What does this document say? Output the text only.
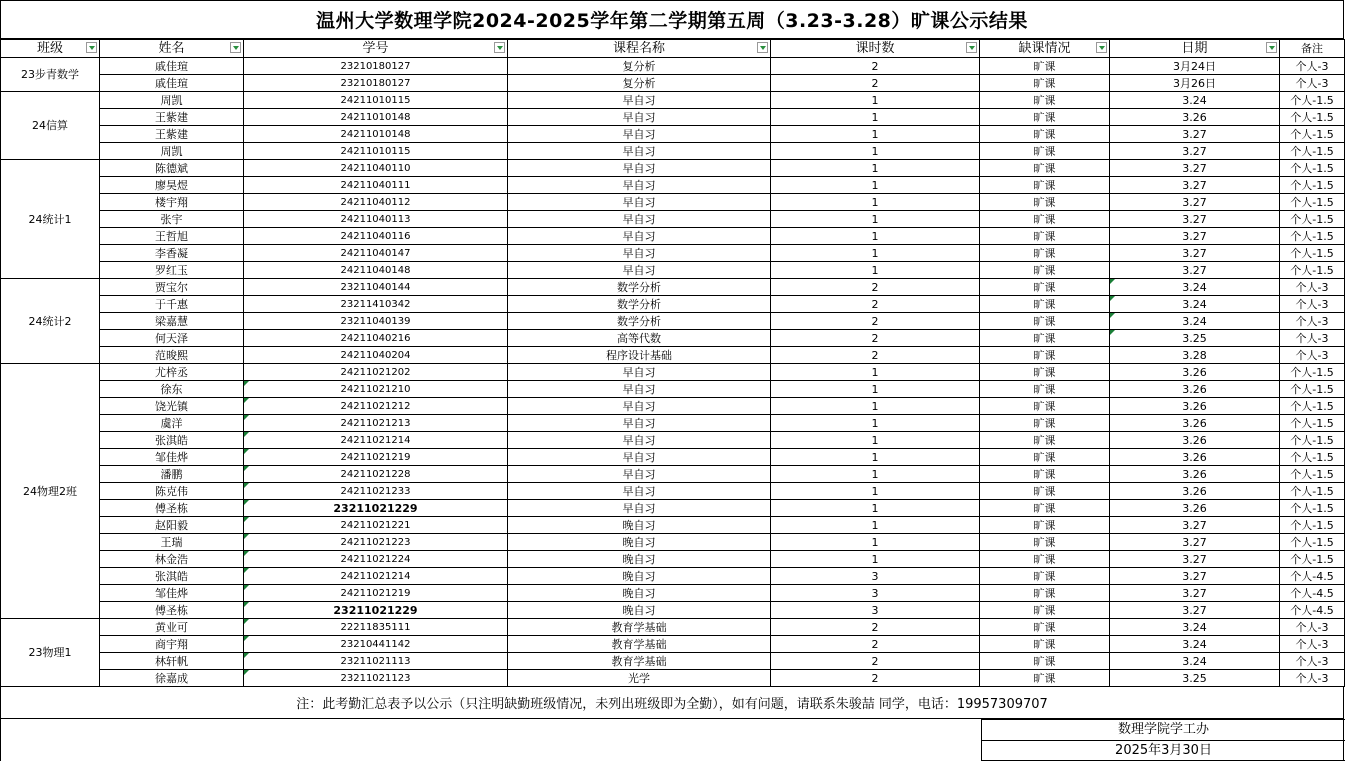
温州大学数理学院2024-2025学年第二学期第五周（3.23-3.28）旷课公示结果
班级	姓名	学号	课程名称	课时数	缺课情况	日期	备注
23步青数学	戚佳瑄	23210180127	复分析	2	旷课	3月24日	个人-3
	戚佳瑄	23210180127	复分析	2	旷课	3月26日	个人-3
24信算	周凯	24211010115	早自习	1	旷课	3.24	个人-1.5
	王紫建	24211010148	早自习	1	旷课	3.26	个人-1.5
	王紫建	24211010148	早自习	1	旷课	3.27	个人-1.5
	周凯	24211010115	早自习	1	旷课	3.27	个人-1.5
24统计1	陈德斌	24211040110	早自习	1	旷课	3.27	个人-1.5
	廖昊煜	24211040111	早自习	1	旷课	3.27	个人-1.5
	楼宇翔	24211040112	早自习	1	旷课	3.27	个人-1.5
	张宇	24211040113	早自习	1	旷课	3.27	个人-1.5
	王哲旭	24211040116	早自习	1	旷课	3.27	个人-1.5
	李香凝	24211040147	早自习	1	旷课	3.27	个人-1.5
	罗红玉	24211040148	早自习	1	旷课	3.27	个人-1.5
24统计2	贾宝尔	23211040144	数学分析	2	旷课	3.24	个人-3
	于千惠	23211410342	数学分析	2	旷课	3.24	个人-3
	梁嘉慧	23211040139	数学分析	2	旷课	3.24	个人-3
	何天泽	24211040216	高等代数	2	旷课	3.25	个人-3
	范晙熙	24211040204	程序设计基础	2	旷课	3.28	个人-3
24物理2班	尤梓丞	24211021202	早自习	1	旷课	3.26	个人-1.5
	徐东	24211021210	早自习	1	旷课	3.26	个人-1.5
	饶光镇	24211021212	早自习	1	旷课	3.26	个人-1.5
	虞洋	24211021213	早自习	1	旷课	3.26	个人-1.5
	张淇皓	24211021214	早自习	1	旷课	3.26	个人-1.5
	邹佳烨	24211021219	早自习	1	旷课	3.26	个人-1.5
	潘鹏	24211021228	早自习	1	旷课	3.26	个人-1.5
	陈克伟	24211021233	早自习	1	旷课	3.26	个人-1.5
	傅圣栋	23211021229	早自习	1	旷课	3.26	个人-1.5
	赵阳毅	24211021221	晚自习	1	旷课	3.27	个人-1.5
	王瑞	24211021223	晚自习	1	旷课	3.27	个人-1.5
	林金浩	24211021224	晚自习	1	旷课	3.27	个人-1.5
	张淇皓	24211021214	晚自习	3	旷课	3.27	个人-4.5
	邹佳烨	24211021219	晚自习	3	旷课	3.27	个人-4.5
	傅圣栋	23211021229	晚自习	3	旷课	3.27	个人-4.5
23物理1	黄业可	22211835111	教育学基础	2	旷课	3.24	个人-3
	商宇翔	23210441142	教育学基础	2	旷课	3.24	个人-3
	林轩帆	23211021113	教育学基础	2	旷课	3.24	个人-3
	徐嘉成	23211021123	光学	2	旷课	3.25	个人-3
注：此考勤汇总表予以公示（只注明缺勤班级情况，未列出班级即为全勤），如有问题，请联系朱骏喆 同学，电话：19957309707
数理学院学工办
2025年3月30日
